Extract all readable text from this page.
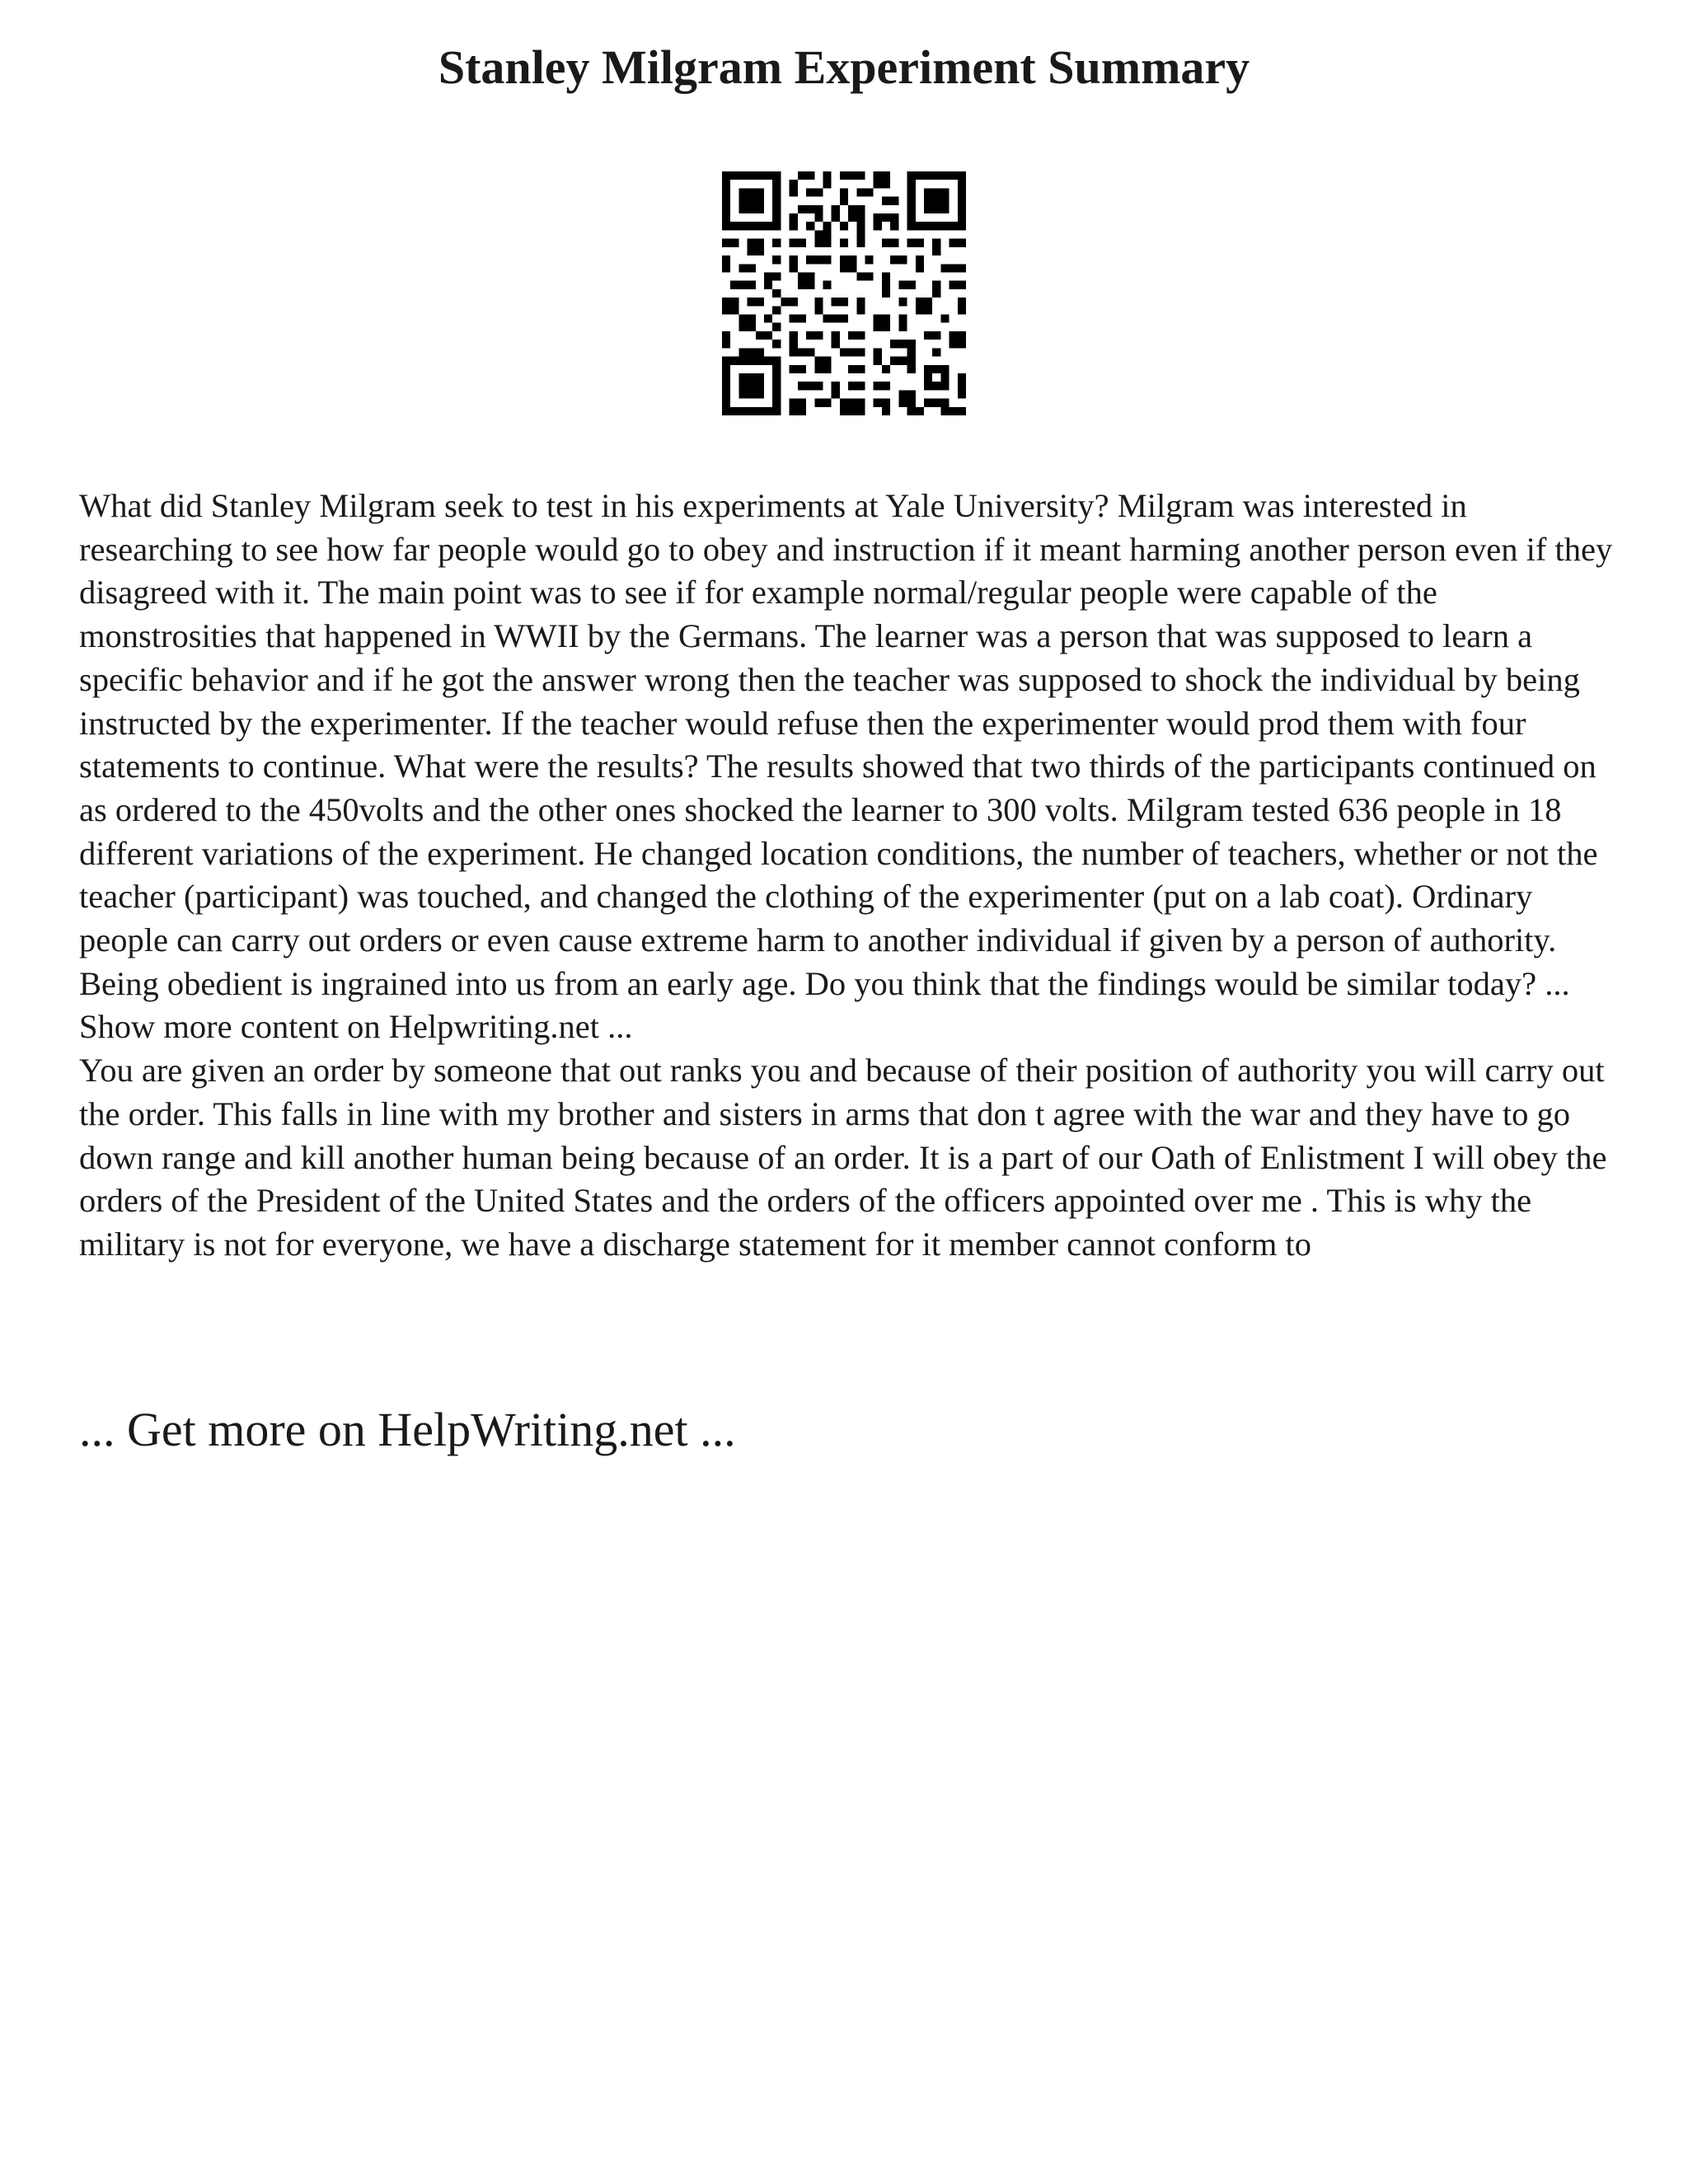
Stanley Milgram Experiment Summary

What did Stanley Milgram seek to test in his experiments at Yale University? Milgram was interested in researching to see how far people would go to obey and instruction if it meant harming another person even if they disagreed with it. The main point was to see if for example normal/regular people were capable of the monstrosities that happened in WWII by the Germans. The learner was a person that was supposed to learn a specific behavior and if he got the answer wrong then the teacher was supposed to shock the individual by being instructed by the experimenter. If the teacher would refuse then the experimenter would prod them with four statements to continue. What were the results? The results showed that two thirds of the participants continued on as ordered to the 450volts and the other ones shocked the learner to 300 volts. Milgram tested 636 people in 18 different variations of the experiment. He changed location conditions, the number of teachers, whether or not the teacher (participant) was touched, and changed the clothing of the experimenter (put on a lab coat). Ordinary people can carry out orders or even cause extreme harm to another individual if given by a person of authority. Being obedient is ingrained into us from an early age. Do you think that the findings would be similar today? ... Show more content on Helpwriting.net ...

You are given an order by someone that out ranks you and because of their position of authority you will carry out the order. This falls in line with my brother and sisters in arms that don t agree with the war and they have to go down range and kill another human being because of an order. It is a part of our Oath of Enlistment I will obey the orders of the President of the United States and the orders of the officers appointed over me . This is why the military is not for everyone, we have a discharge statement for it member cannot conform to

... Get more on HelpWriting.net ...
